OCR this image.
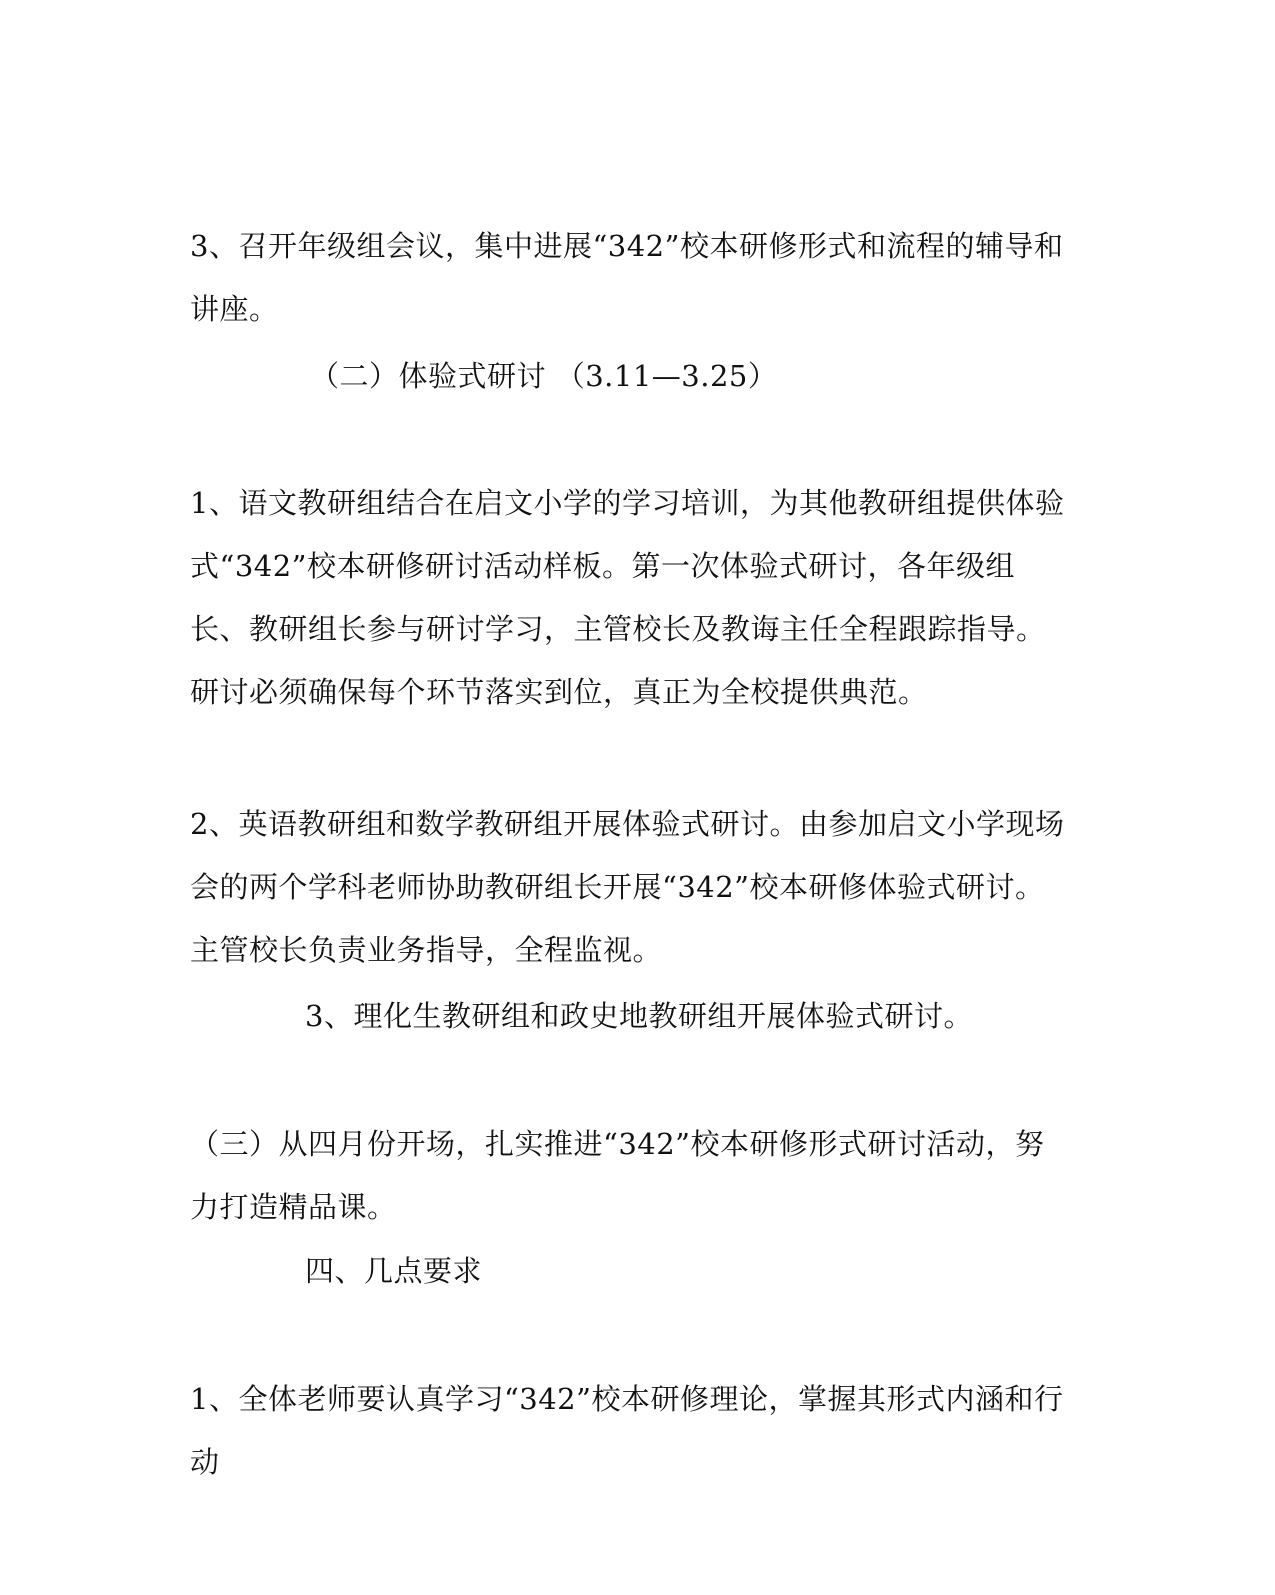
3、召开年级组会议，集中进展“342”校本研修形式和流程的辅导和讲座。

（二）体验式研讨 （3.11—3.25）

1、语文教研组结合在启文小学的学习培训，为其他教研组提供体验式“342”校本研修研讨活动样板。第一次体验式研讨，各年级组长、教研组长参与研讨学习，主管校长及教诲主任全程跟踪指导。研讨必须确保每个环节落实到位，真正为全校提供典范。

2、英语教研组和数学教研组开展体验式研讨。由参加启文小学现场会的两个学科老师协助教研组长开展“342”校本研修体验式研讨。主管校长负责业务指导，全程监视。

3、理化生教研组和政史地教研组开展体验式研讨。

（三）从四月份开场，扎实推进“342”校本研修形式研讨活动，努力打造精品课。

四、几点要求

1、全体老师要认真学习“342”校本研修理论，掌握其形式内涵和行动
